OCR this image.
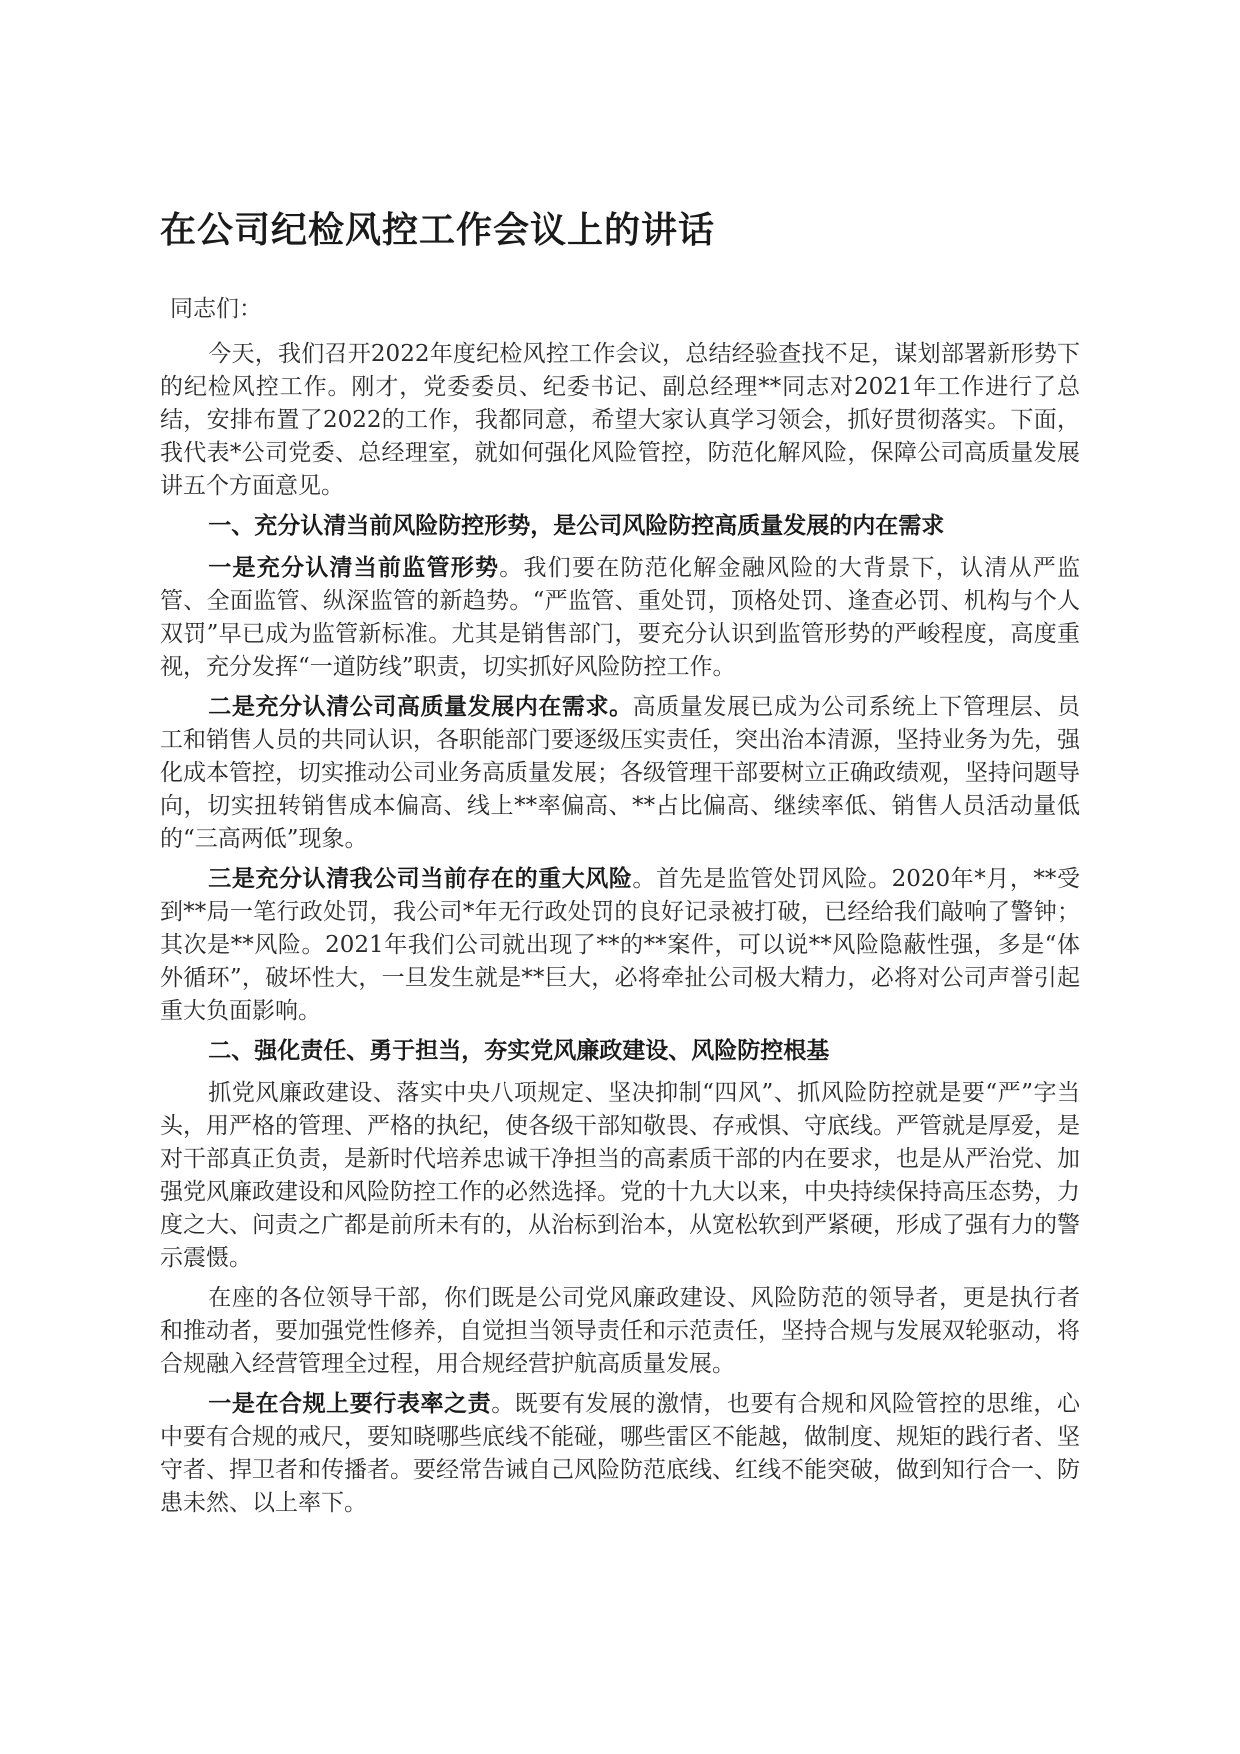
在公司纪检风控工作会议上的讲话

同志们：

今天，我们召开2022年度纪检风控工作会议，总结经验查找不足，谋划部署新形势下的纪检风控工作。刚才，党委委员、纪委书记、副总经理**同志对2021年工作进行了总结，安排布置了2022的工作，我都同意，希望大家认真学习领会，抓好贯彻落实。下面，我代表*公司党委、总经理室，就如何强化风险管控，防范化解风险，保障公司高质量发展讲五个方面意见。

一、充分认清当前风险防控形势，是公司风险防控高质量发展的内在需求

一是充分认清当前监管形势。我们要在防范化解金融风险的大背景下，认清从严监管、全面监管、纵深监管的新趋势。“严监管、重处罚，顶格处罚、逢查必罚、机构与个人双罚”早已成为监管新标准。尤其是销售部门，要充分认识到监管形势的严峻程度，高度重视，充分发挥“一道防线”职责，切实抓好风险防控工作。

二是充分认清公司高质量发展内在需求。高质量发展已成为公司系统上下管理层、员工和销售人员的共同认识，各职能部门要逐级压实责任，突出治本清源，坚持业务为先，强化成本管控，切实推动公司业务高质量发展；各级管理干部要树立正确政绩观，坚持问题导向，切实扭转销售成本偏高、线上**率偏高、**占比偏高、继续率低、销售人员活动量低的“三高两低”现象。

三是充分认清我公司当前存在的重大风险。首先是监管处罚风险。2020年*月，**受到**局一笔行政处罚，我公司*年无行政处罚的良好记录被打破，已经给我们敲响了警钟；其次是**风险。2021年我们公司就出现了**的**案件，可以说**风险隐蔽性强，多是“体外循环”，破坏性大，一旦发生就是**巨大，必将牵扯公司极大精力，必将对公司声誉引起重大负面影响。

二、强化责任、勇于担当，夯实党风廉政建设、风险防控根基

抓党风廉政建设、落实中央八项规定、坚决抑制“四风”、抓风险防控就是要“严”字当头，用严格的管理、严格的执纪，使各级干部知敬畏、存戒惧、守底线。严管就是厚爱，是对干部真正负责，是新时代培养忠诚干净担当的高素质干部的内在要求，也是从严治党、加强党风廉政建设和风险防控工作的必然选择。党的十九大以来，中央持续保持高压态势，力度之大、问责之广都是前所未有的，从治标到治本，从宽松软到严紧硬，形成了强有力的警示震慑。

在座的各位领导干部，你们既是公司党风廉政建设、风险防范的领导者，更是执行者和推动者，要加强党性修养，自觉担当领导责任和示范责任，坚持合规与发展双轮驱动，将合规融入经营管理全过程，用合规经营护航高质量发展。

一是在合规上要行表率之责。既要有发展的激情，也要有合规和风险管控的思维，心中要有合规的戒尺，要知晓哪些底线不能碰，哪些雷区不能越，做制度、规矩的践行者、坚守者、捍卫者和传播者。要经常告诫自己风险防范底线、红线不能突破，做到知行合一、防患未然、以上率下。
